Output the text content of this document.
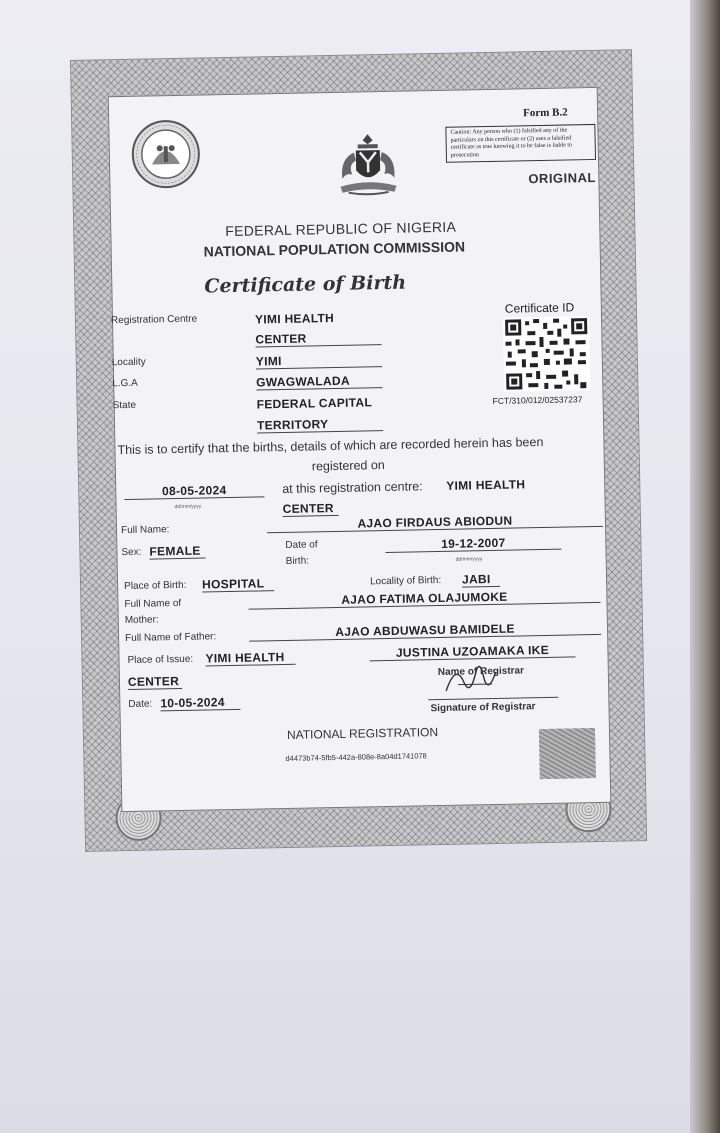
Form B.2
Caution: Any person who (1) falsified any of the particulars on this certificate or (2) uses a falsified certificate as true knowing it to be false is liable to prosecution
ORIGINAL
FEDERAL REPUBLIC OF NIGERIA
NATIONAL POPULATION COMMISSION
Certificate of Birth
Certificate ID
FCT/310/012/02537237
Registration Centre	YIMI HEALTH
CENTER
Locality	YIMI
L.G.A	GWAGWALADA
State	FEDERAL CAPITAL
TERRITORY
This is to certify that the births, details of which are recorded herein has been
registered on
08-05-2024
dd/mm/yyyy
at this registration centre: YIMI HEALTH
CENTER
Full Name:	AJAO FIRDAUS ABIODUN
Sex: FEMALE	Date of
Birth:
19-12-2007
dd/mm/yyyy
Place of Birth: HOSPITAL	Locality of Birth: JABI
Full Name of
Mother:
AJAO FATIMA OLAJUMOKE
Full Name of Father:	AJAO ABDUWASU BAMIDELE
Place of Issue: YIMI HEALTH
CENTER
JUSTINA UZOAMAKA IKE
Name of Registrar
Date: 10-05-2024	Signature of Registrar
NATIONAL REGISTRATION
d4473b74-5fb5-442a-808e-8a04d1741078
